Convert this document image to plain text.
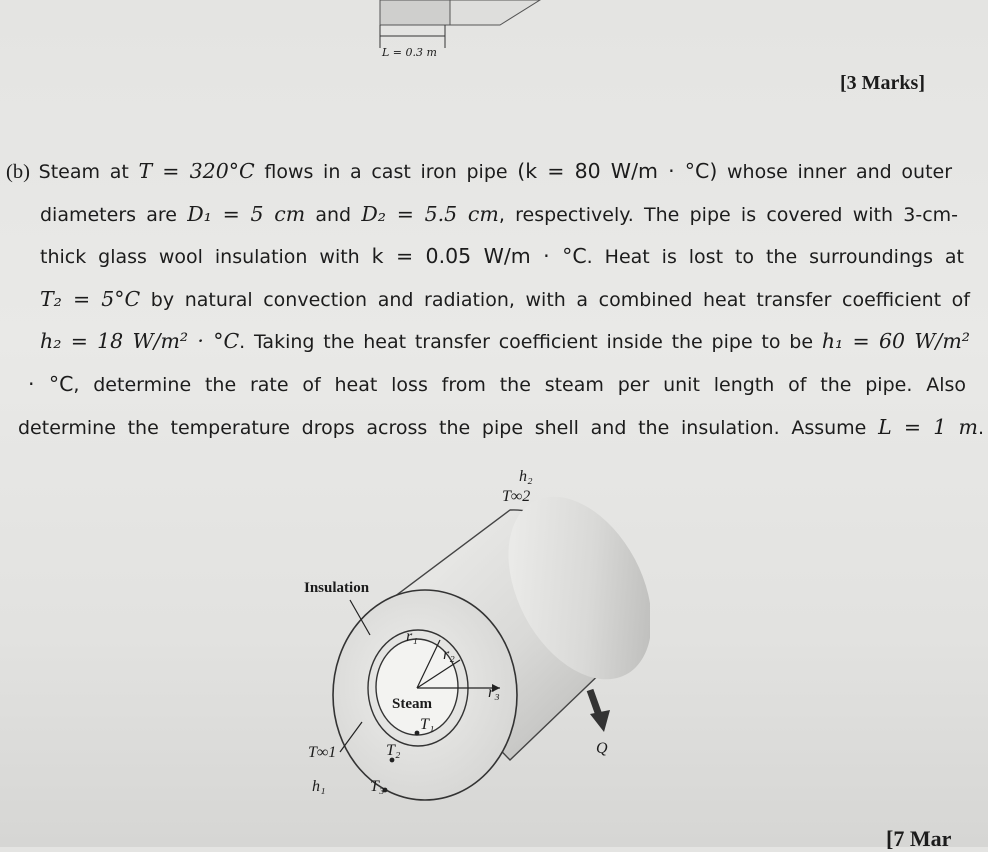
L = 0.3 m
[3 Marks]
(b) Steam at T = 320°C flows in a cast iron pipe (k = 80 W/m · °C) whose inner and outer
diameters are D₁ = 5 cm and D₂ = 5.5 cm, respectively. The pipe is covered with 3-cm-
thick glass wool insulation with k = 0.05 W/m · °C. Heat is lost to the surroundings at
T₂ = 5°C by natural convection and radiation, with a combined heat transfer coefficient of
h₂ = 18 W/m² · °C. Taking the heat transfer coefficient inside the pipe to be h₁ = 60 W/m²
· °C, determine the rate of heat loss from the steam per unit length of the pipe. Also
determine the temperature drops across the pipe shell and the insulation. Assume L = 1 m.
h₂
T∞2
Insulation
r₁
r₂
r₃
Steam
T₁
T∞1	T₂
h₁	T₃
Q
[7 Mar
